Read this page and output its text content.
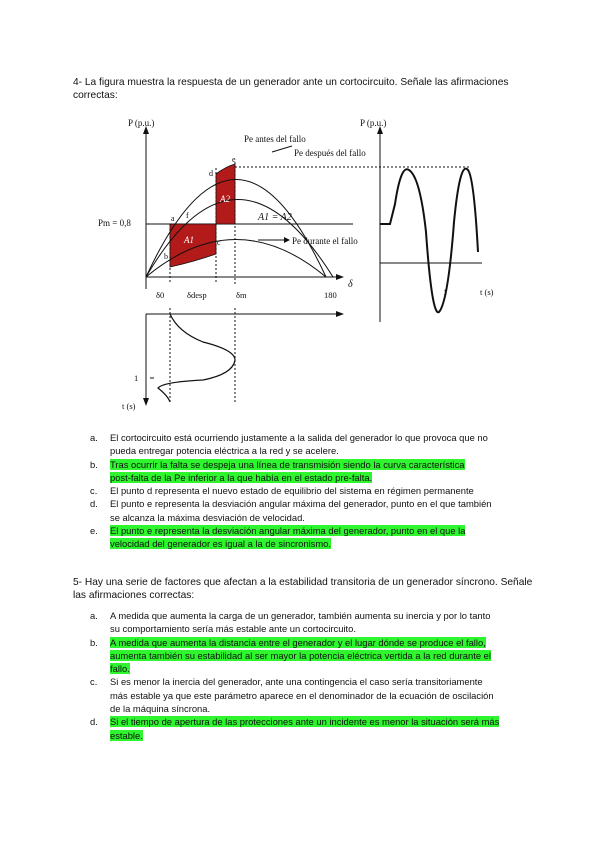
4- La figura muestra la respuesta de un generador ante un cortocircuito. Señale las afirmaciones correctas:
P (p.u.)
Pm = 0,8
Pe antes del fallo
Pe después del fallo
Pe durante el fallo
A1 = A2
A1
A2
a
b
c
d
e
f
δ0	δdesp	δm	180
δ
P (p.u.)
1	t (s)
1
t (s)
a.	El cortocircuito está ocurriendo justamente a la salida del generador lo que provoca que no
pueda entregar potencia eléctrica a la red y se acelere.
b.	Tras ocurrir la falta se despeja una línea de transmisión siendo la curva característica
post-falta de la Pe inferior a la que había en el estado pre-falta.
c.	El punto d representa el nuevo estado de equilibrio del sistema en régimen permanente
d.	El punto e representa la desviación angular máxima del generador, punto en el que también
se alcanza la máxima desviación de velocidad.
e.	El punto e representa la desviación angular máxima del generador, punto en el que la
velocidad del generador es igual a la de sincronismo.
5- Hay una serie de factores que afectan a la estabilidad transitoria de un generador síncrono. Señale las afirmaciones correctas:
a.	A medida que aumenta la carga de un generador, también aumenta su inercia y por lo tanto
su comportamiento sería más estable ante un cortocircuito.
b.	A medida que aumenta la distancia entre el generador y el lugar dónde se produce el fallo,
aumenta también su estabilidad al ser mayor la potencia eléctrica vertida a la red durante el
fallo.
c.	Si es menor la inercia del generador, ante una contingencia el caso sería transitoriamente
más estable ya que este parámetro aparece en el denominador de la ecuación de oscilación
de la máquina síncrona.
d.	Si el tiempo de apertura de las protecciones ante un incidente es menor la situación será más
estable.
